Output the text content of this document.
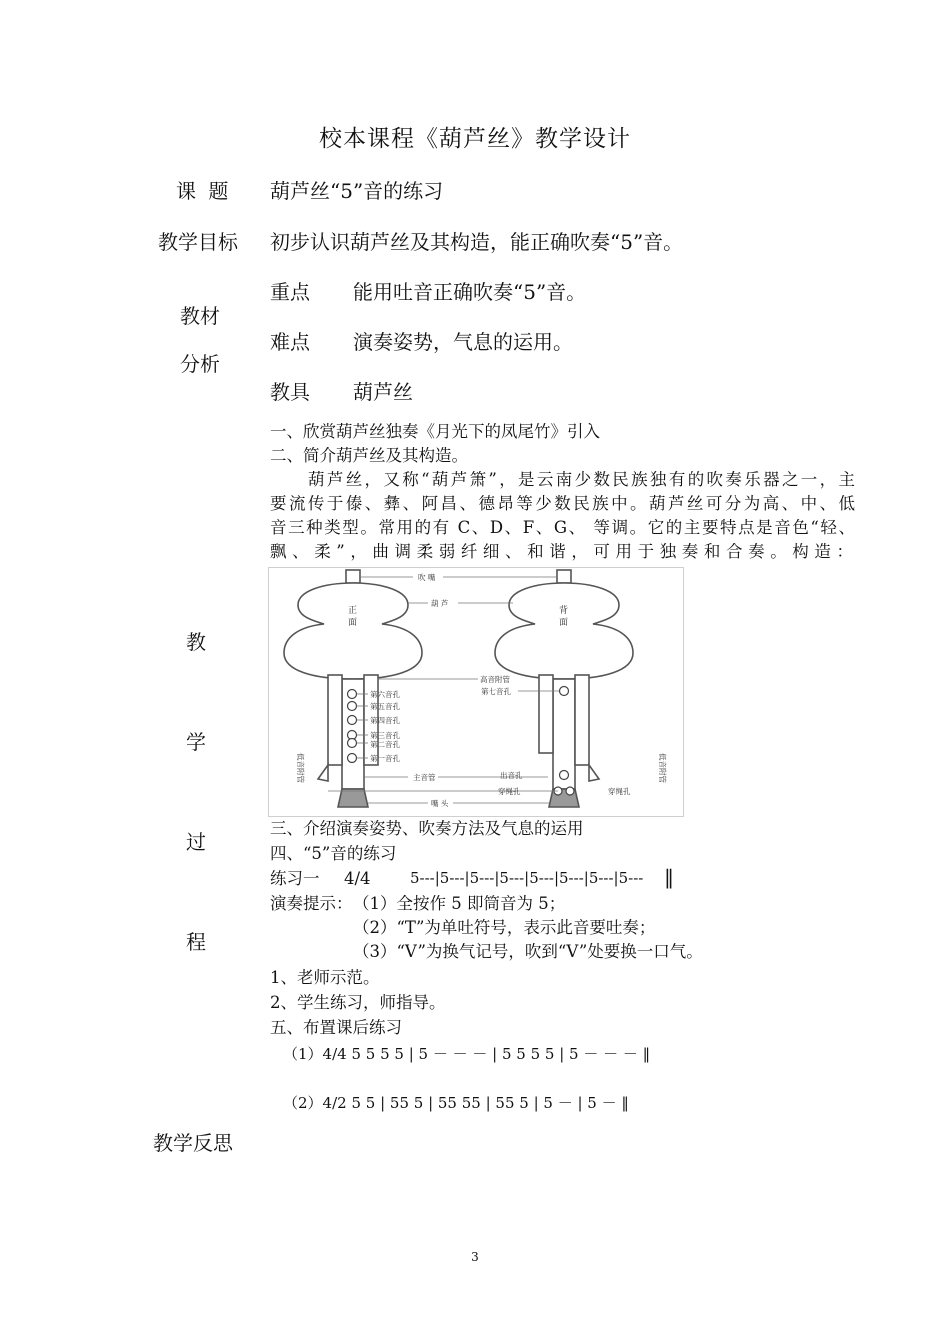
校本课程《葫芦丝》教学设计
课 题 葫芦丝“5”音的练习
教学目标 初步认识葫芦丝及其构造，能正确吹奏“5”音。
教材
分析
重点 能用吐音正确吹奏“5”音。
难点 演奏姿势，气息的运用。
教具 葫芦丝
教
学
过
程
一、欣赏葫芦丝独奏《月光下的凤尾竹》引入
二、简介葫芦丝及其构造。

葫芦丝，又称“葫芦箫”，是云南少数民族独有的吹奏乐器之一，主

要流传于傣、彝、阿昌、德昂等少数民族中。葫芦丝可分为高、中、低

音三种类型。常用的有 C、D、F、G、 等调。它的主要特点是音色“轻、

飘、柔”，曲调柔弱纤细、和谐，可用于独奏和合奏。构造：

正
面
背
面
吹 嘴
葫 芦
高音附管
第七音孔
第六音孔
第五音孔
第四音孔
第三音孔
第二音孔
第一音孔
主音管	出音孔
穿绳孔	穿绳孔
嘴 头
低音附管	低音附管
三、介绍演奏姿势、吹奏方法及气息的运用
四、“5”音的练习
练习一 4/4	5---|5---|5---|5---|5---|5---|5---|5--- ‖
演奏提示： （1）全按作 5 即筒音为 5；
（2）“T”为单吐符号，表示此音要吐奏；
（3）“V”为换气记号，吹到“V”处要换一口气。
1、老师示范。
2、学生练习，师指导。
五、布置课后练习
（1）4/4 5 5 5 5 | 5 － － － | 5 5 5 5 | 5 － － － ‖
（2）4/2 5 5 | 55 5 | 55 55 | 55 5 | 5 － | 5 － ‖
教学反思
3
